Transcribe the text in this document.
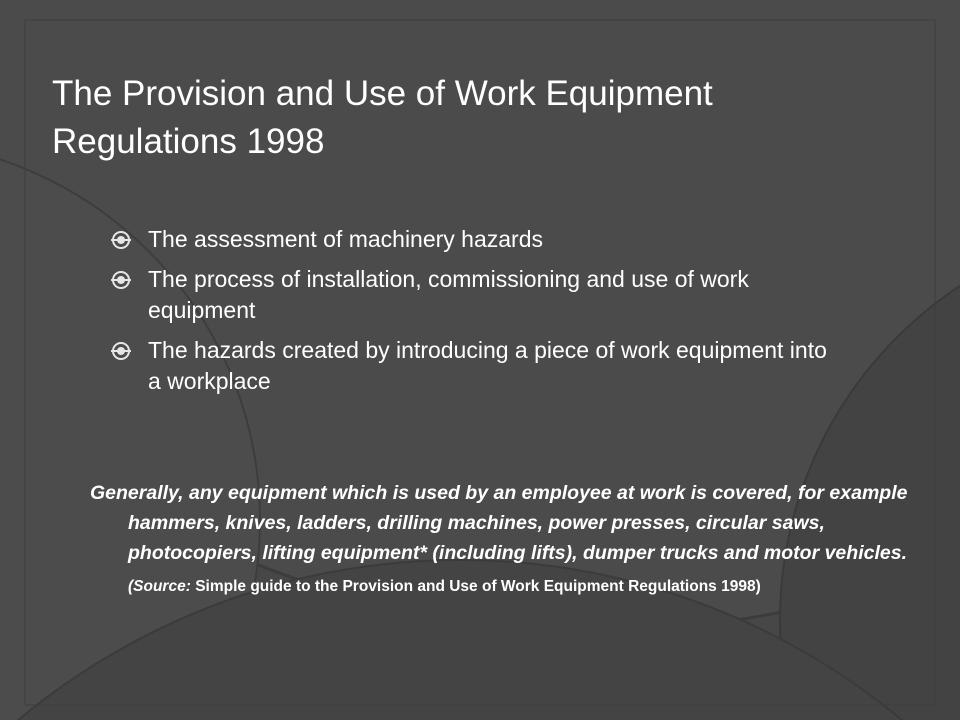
The Provision and Use of Work Equipment
Regulations 1998
The assessment of machinery hazards
The process of installation, commissioning and use of work equipment
The hazards created by introducing a piece of work equipment into a workplace
Generally, any equipment which is used by an employee at work is covered, for example hammers, knives, ladders, drilling machines, power presses, circular saws, photocopiers, lifting equipment* (including lifts), dumper trucks and motor vehicles. (Source: Simple guide to the Provision and Use of Work Equipment Regulations 1998)
